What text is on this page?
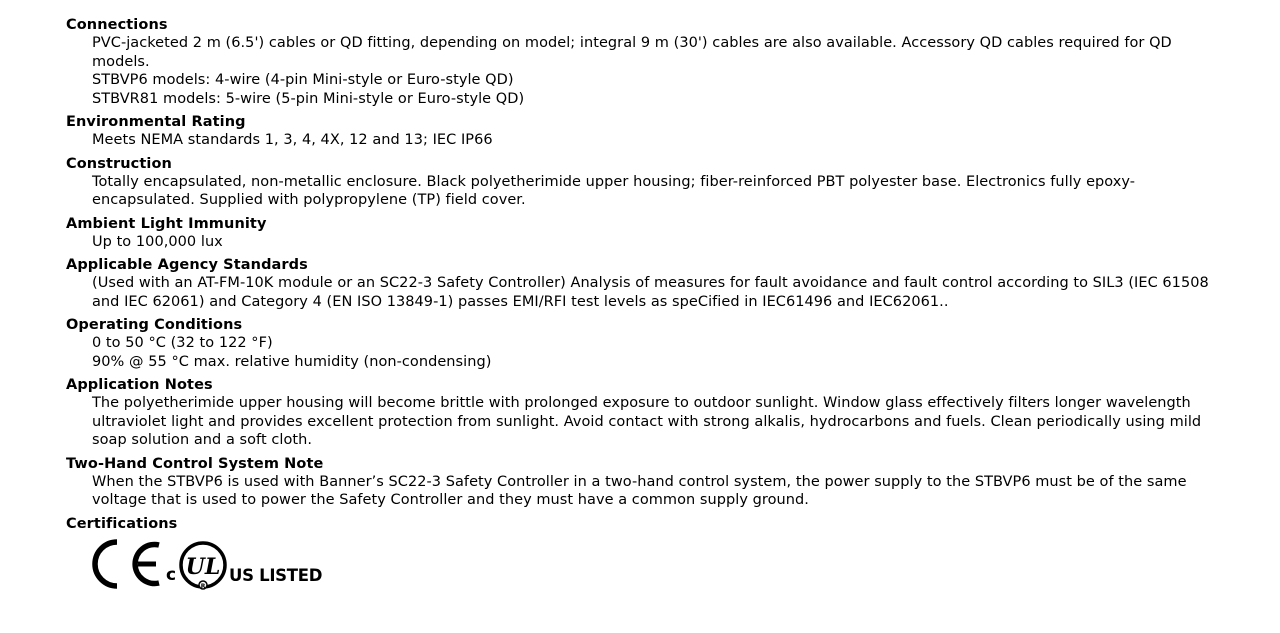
Connections
PVC-jacketed 2 m (6.5') cables or QD fitting, depending on model; integral 9 m (30') cables are also available. Accessory QD cables required for QD models.
STBVP6 models: 4-wire (4-pin Mini-style or Euro-style QD)
STBVR81 models: 5-wire (5-pin Mini-style or Euro-style QD)
Environmental Rating
Meets NEMA standards 1, 3, 4, 4X, 12 and 13; IEC IP66
Construction
Totally encapsulated, non-metallic enclosure. Black polyetherimide upper housing; fiber-reinforced PBT polyester base. Electronics fully epoxy-encapsulated. Supplied with polypropylene (TP) field cover.
Ambient Light Immunity
Up to 100,000 lux
Applicable Agency Standards
(Used with an AT-FM-10K module or an SC22-3 Safety Controller) Analysis of measures for fault avoidance and fault control according to SIL3 (IEC 61508 and IEC 62061) and Category 4 (EN ISO 13849-1) passes EMI/RFI test levels as speCified in IEC61496 and IEC62061..
Operating Conditions
0 to 50 °C (32 to 122 °F)
90% @ 55 °C max. relative humidity (non-condensing)
Application Notes
The polyetherimide upper housing will become brittle with prolonged exposure to outdoor sunlight. Window glass effectively filters longer wavelength ultraviolet light and provides excellent protection from sunlight. Avoid contact with strong alkalis, hydrocarbons and fuels. Clean periodically using mild soap solution and a soft cloth.
Two-Hand Control System Note
When the STBVP6 is used with Banner’s SC22-3 Safety Controller in a two-hand control system, the power supply to the STBVP6 must be of the same voltage that is used to power the Safety Controller and they must have a common supply ground.
Certifications
c UL
R
US LISTED
